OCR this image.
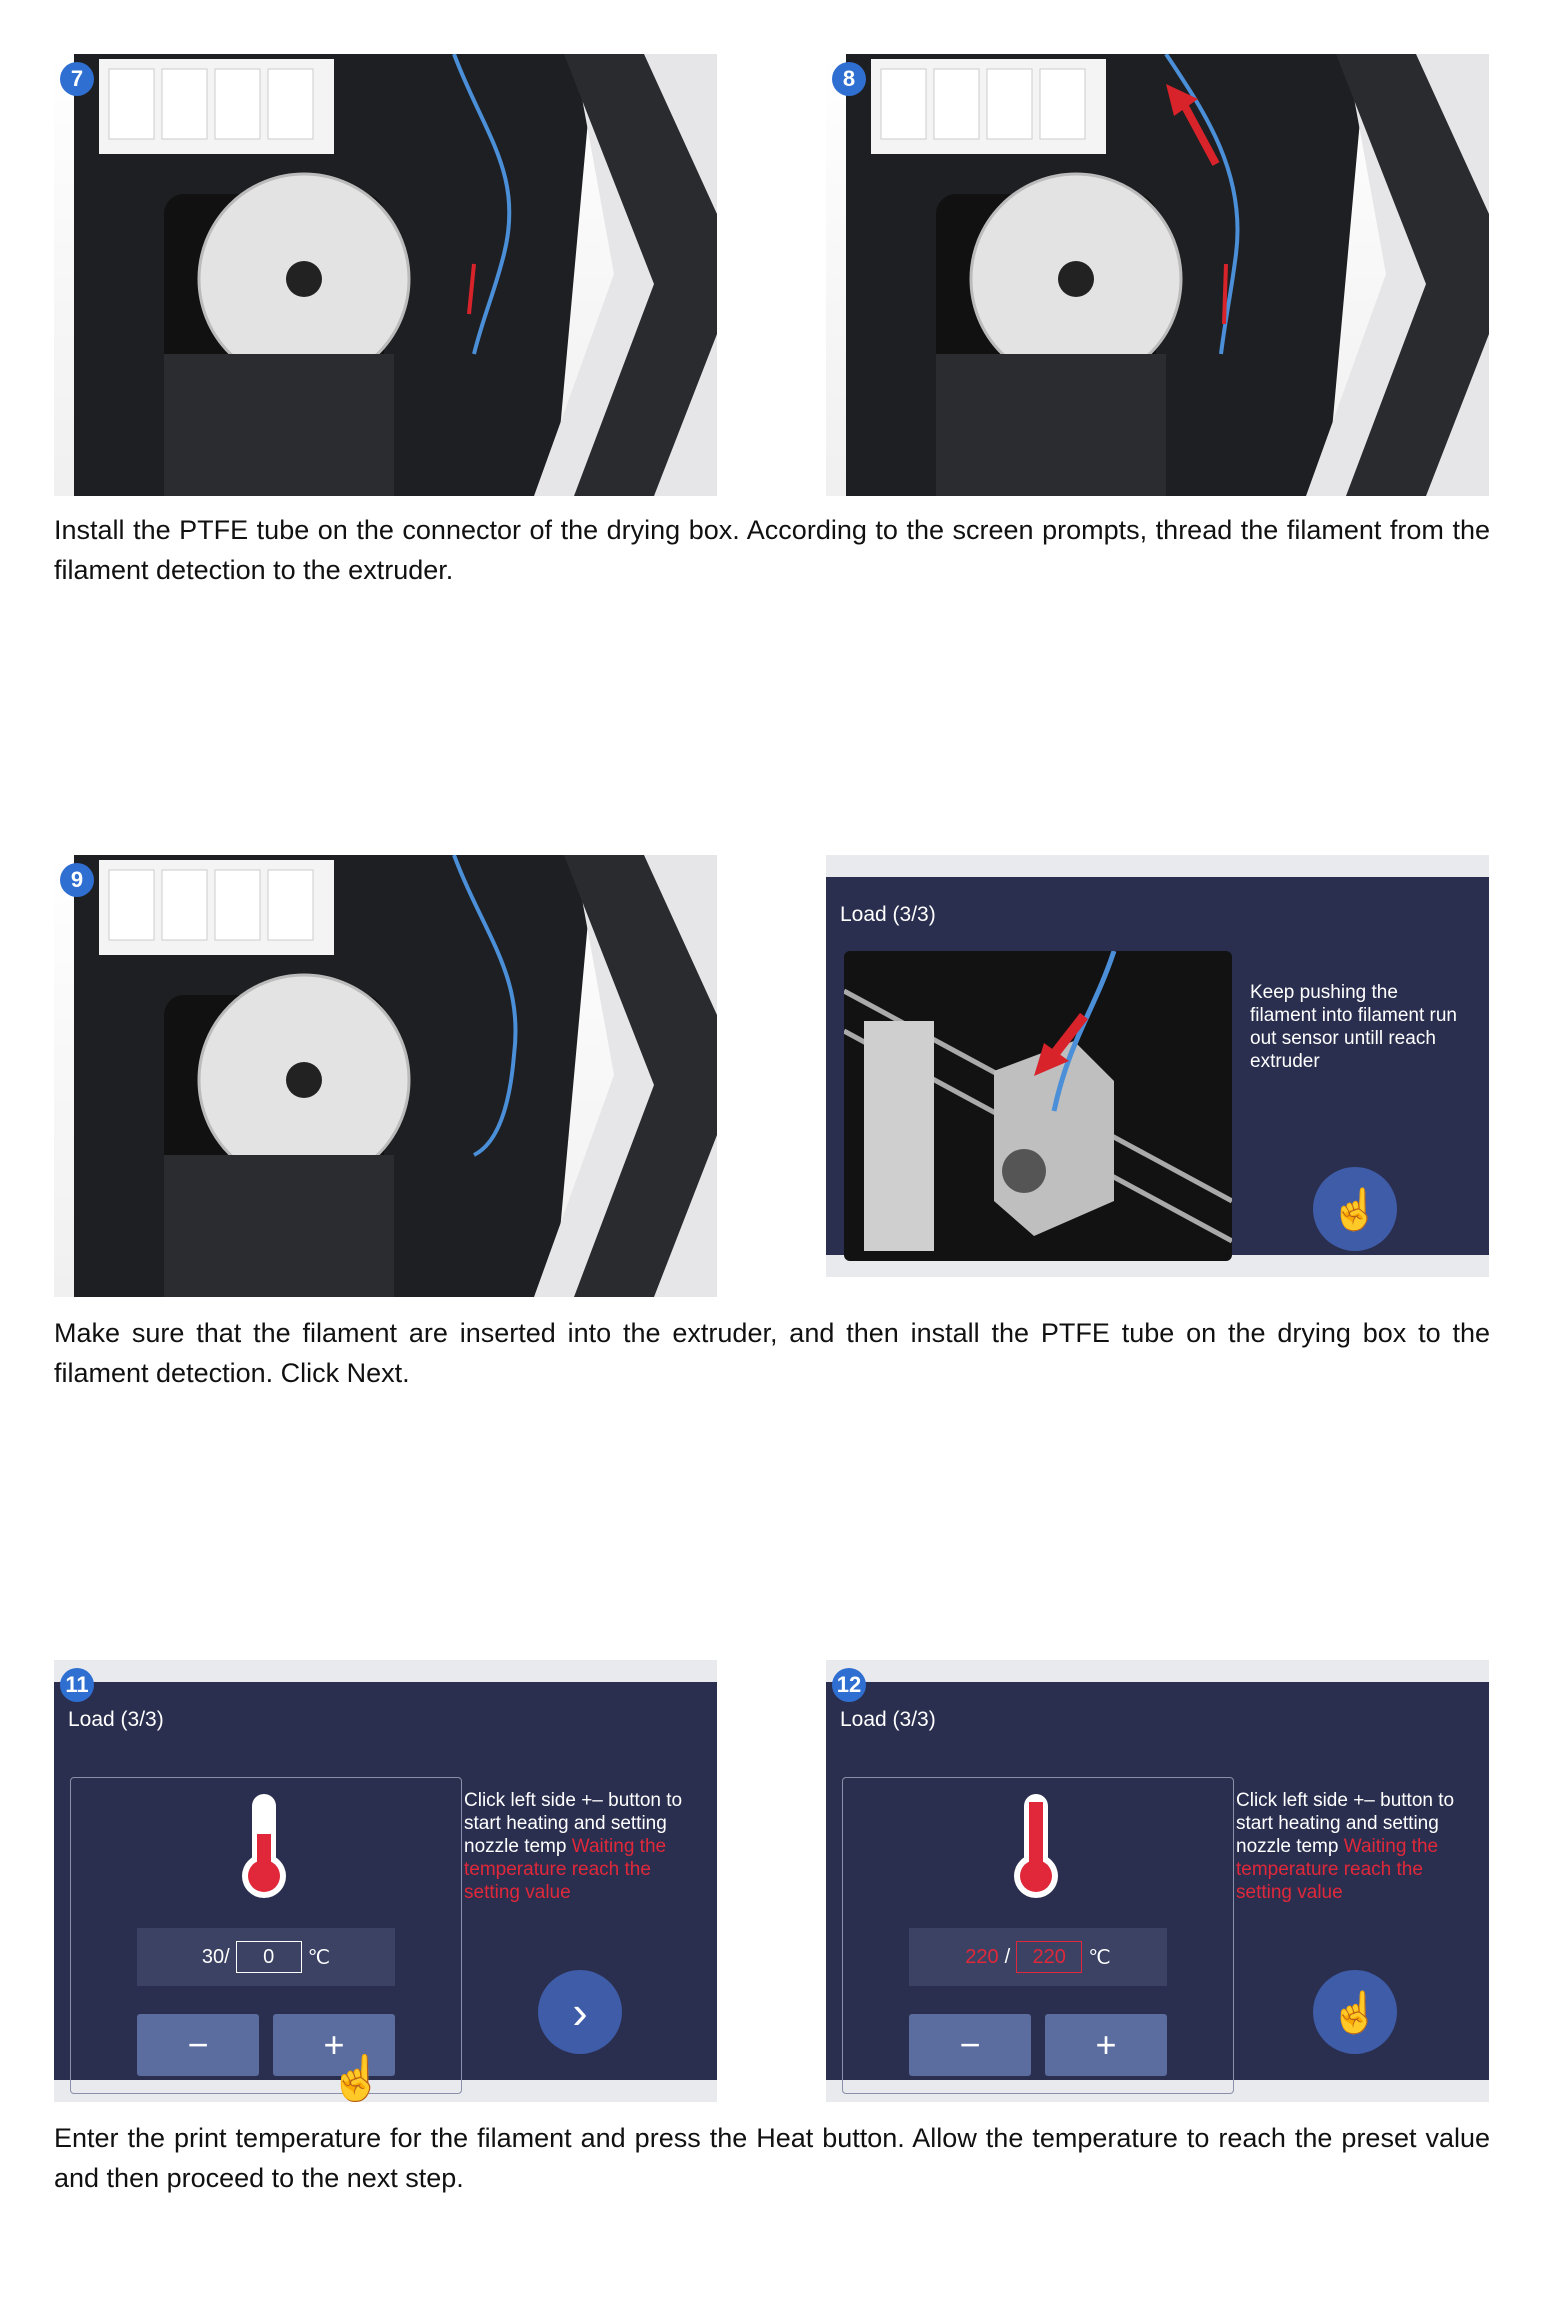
7	8

Install the PTFE tube on the connector of the drying box. According to the screen prompts, thread the filament from the filament detection to the extruder.

9
Load (3/3)
Keep pushing the filament into filament run out sensor untill reach extruder
☝

Make sure that the filament are inserted into the extruder, and then install the PTFE tube on the drying box to the filament detection. Click Next.

11
Load (3/3)
30/	0	℃
−	+
☝
Click left side +– button to start heating and setting nozzle temp Waiting the temperature reach the setting value
›
12
Load (3/3)
220 /	220	℃
−	+
Click left side +– button to start heating and setting nozzle temp Waiting the temperature reach the setting value
☝

Enter the print temperature for the filament and press the Heat button. Allow the temperature to reach the preset value and then proceed to the next step.
